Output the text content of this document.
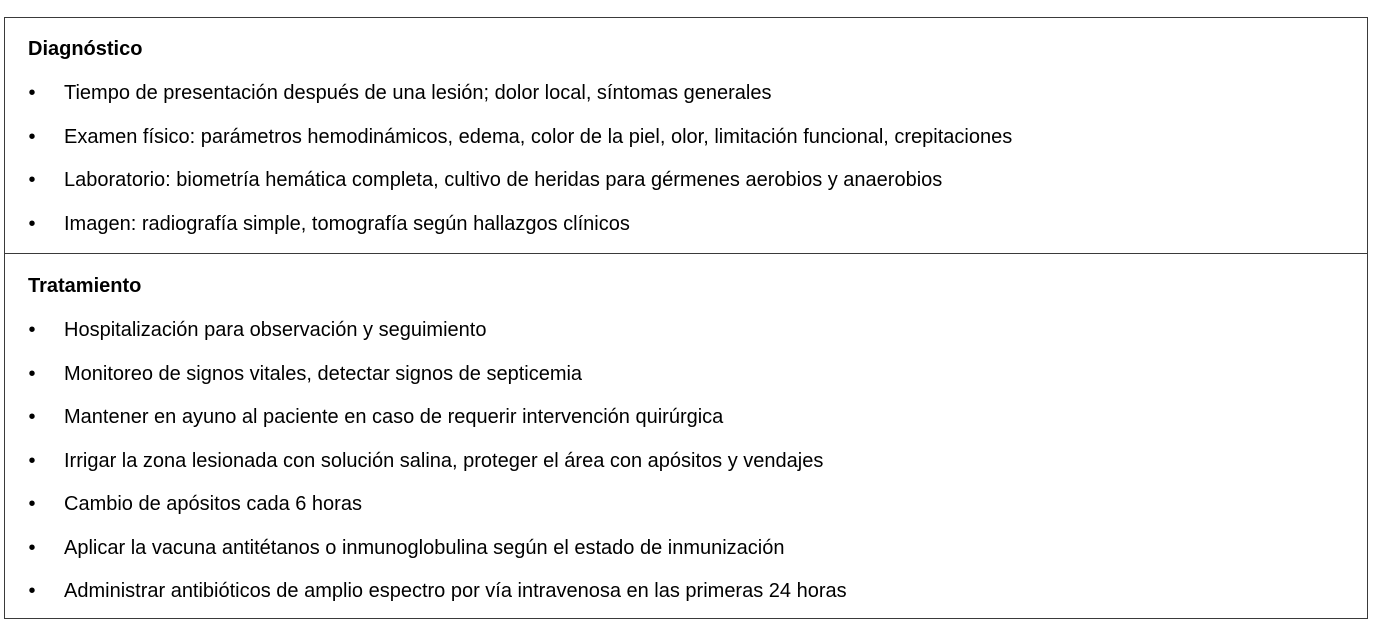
Diagnóstico
• Tiempo de presentación después de una lesión; dolor local, síntomas generales
• Examen físico: parámetros hemodinámicos, edema, color de la piel, olor, limitación funcional, crepitaciones
• Laboratorio: biometría hemática completa, cultivo de heridas para gérmenes aerobios y anaerobios
• Imagen: radiografía simple, tomografía según hallazgos clínicos
Tratamiento
• Hospitalización para observación y seguimiento
• Monitoreo de signos vitales, detectar signos de septicemia
• Mantener en ayuno al paciente en caso de requerir intervención quirúrgica
• Irrigar la zona lesionada con solución salina, proteger el área con apósitos y vendajes
• Cambio de apósitos cada 6 horas
• Aplicar la vacuna antitétanos o inmunoglobulina según el estado de inmunización
• Administrar antibióticos de amplio espectro por vía intravenosa en las primeras 24 horas
